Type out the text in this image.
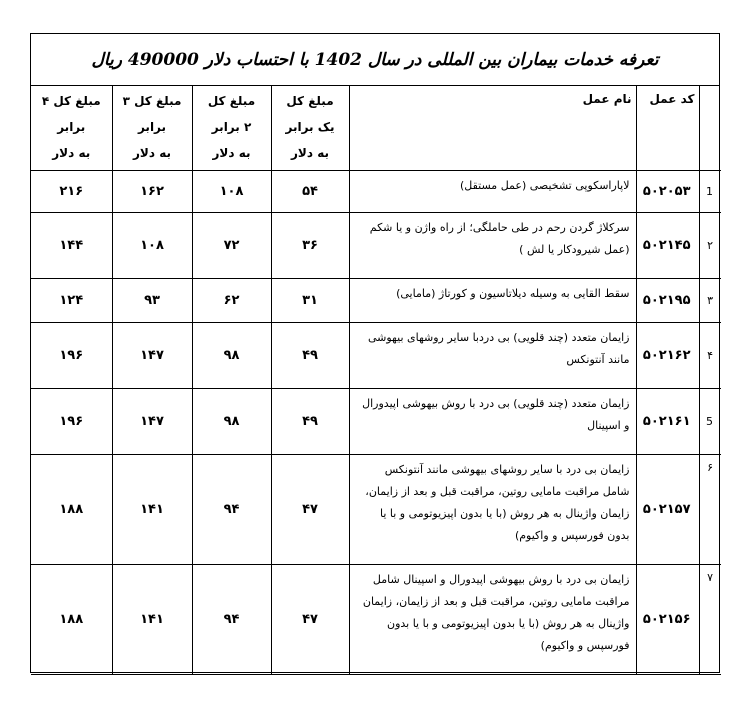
تعرفه خدمات بیماران بین المللی در سال 1402 با احتساب دلار 490000 ریال
	کد عمل	نام عمل	مبلغ کل
یک برابر
به دلار	مبلغ کل
۲ برابر
به دلار	مبلغ کل ۳
برابر
به دلار	مبلغ کل ۴
برابر
به دلار

1	۵۰۲۰۵۳	لاپاراسکوپی تشخیصی (عمل مستقل)	۵۴	۱۰۸	۱۶۲	۲۱۶
۲	۵۰۲۱۴۵	سرکلاژ گردن رحم در طی حاملگی؛ از راه واژن و یا شکم (عمل شیرودکار یا لش )	۳۶	۷۲	۱۰۸	۱۴۴
۳	۵۰۲۱۹۵	سقط القایی به وسیله دیلاتاسیون و کورتاژ (مامایی)	۳۱	۶۲	۹۳	۱۲۴
۴	۵۰۲۱۶۲	زایمان متعدد (چند قلویی) بی دردبا سایر روشهای بیهوشی مانند آنتونکس	۴۹	۹۸	۱۴۷	۱۹۶
5	۵۰۲۱۶۱	زایمان متعدد (چند قلویی) بی درد با روش بیهوشی اپیدورال و اسپینال	۴۹	۹۸	۱۴۷	۱۹۶
۶	۵۰۲۱۵۷	زایمان بی درد با سایر روشهای بیهوشی مانند آنتونکس شامل مراقبت مامایی روتین، مراقبت قبل و بعد از زایمان، زایمان واژینال به هر روش (با یا بدون اپیزیوتومی و با یا بدون فورسپس و واکیوم)	۴۷	۹۴	۱۴۱	۱۸۸
۷	۵۰۲۱۵۶	زایمان بی درد با روش بیهوشی اپیدورال و اسپینال شامل مراقبت مامایی روتین، مراقبت قبل و بعد از زایمان، زایمان واژینال به هر روش (با یا بدون اپیزیوتومی و با یا بدون فورسپس و واکیوم)	۴۷	۹۴	۱۴۱	۱۸۸
